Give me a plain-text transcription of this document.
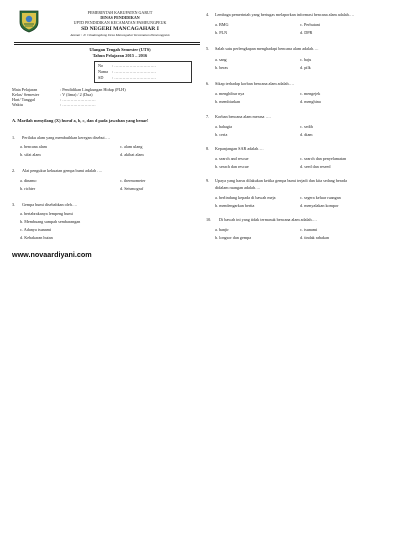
PEMERINTAH KABUPATEN GARUT
DINAS PENDIDIKAN
UPTD PENDIDIKAN KECAMATAN PAMEUNGPEUK
SD NEGERI MANCAGAHAR I
Alamat : Jl. Cikadongdong Desa Mancagahar Kecamatan Pameungpeuk
Ulangan Tengah Semester (UTS)
Tahun Pelajaran 2015 – 2016
No : …………………………
Nama : …………………………
SD : …………………………
Mata Pelajaran	: Pendidikan Lingkungan Hidup (PLH)
Kelas/ Semester	: V (lima) / 2 (Dua)
Hari/ Tanggal	: ……………………
Waktu	: ……………………
A. Marilah menyilang (X) huruf a, b, c, dan d pada jawaban yang benar!
1. Perilaku alam yang membuthkan keregan disebut….
a. bencana alam	c. alam ulang
b. sifat alam	d. akibat alam
2. Alat pengukur kekuatan gempa bumi adalah ….
a. dinamo	c. thermometer
b. richter	d. Seismograf
3. Gempa bumi disebabkan oleh….
a. bertabrakanya lempeng bumi
b. Membuang sampah sembarangan
c. Adanya tsunami
d. Kebakaran hutan
www.novaardiyani.com
4. Lembaga pemerintah yang bertugas melaporkan informasi bencana alam adalah….
a. BMG	c. Perhutani
b. PLN	d. DPR
5. Salah satu perlengkapan menghadapi bencana alam adalah….
a. sang	c. baju
b. beras	d. pilk
6. Sikap terhadap korban bencana alam adalah….
a. menghibur nya	c. mengejek
b. membiarkan	d. menghina
7. Korban bencana alam merasa ….
a. bahagia	c. sedih
b. ceria	d. diam
8. Kepanjangan SAR adalah….
a. search and rescue	c. search dan penyelamatan
b. serach dan rescue	d. seed dan reseed
9. Upaya yang harus dilakukan ketika gempa bumi terjadi dan kita sedang berada
didalam ruangan adalah….
a. berlindung kepada di bawah meja	c. segera keluar ruangan
b. mendengarkan berita	d. menyalakan kompor
10. Di bawah ini yang tidak termasuk bencana alam adalah….
a. banjir	c. tsunami
b. longsor dan gempa	d. tindak rabakan
